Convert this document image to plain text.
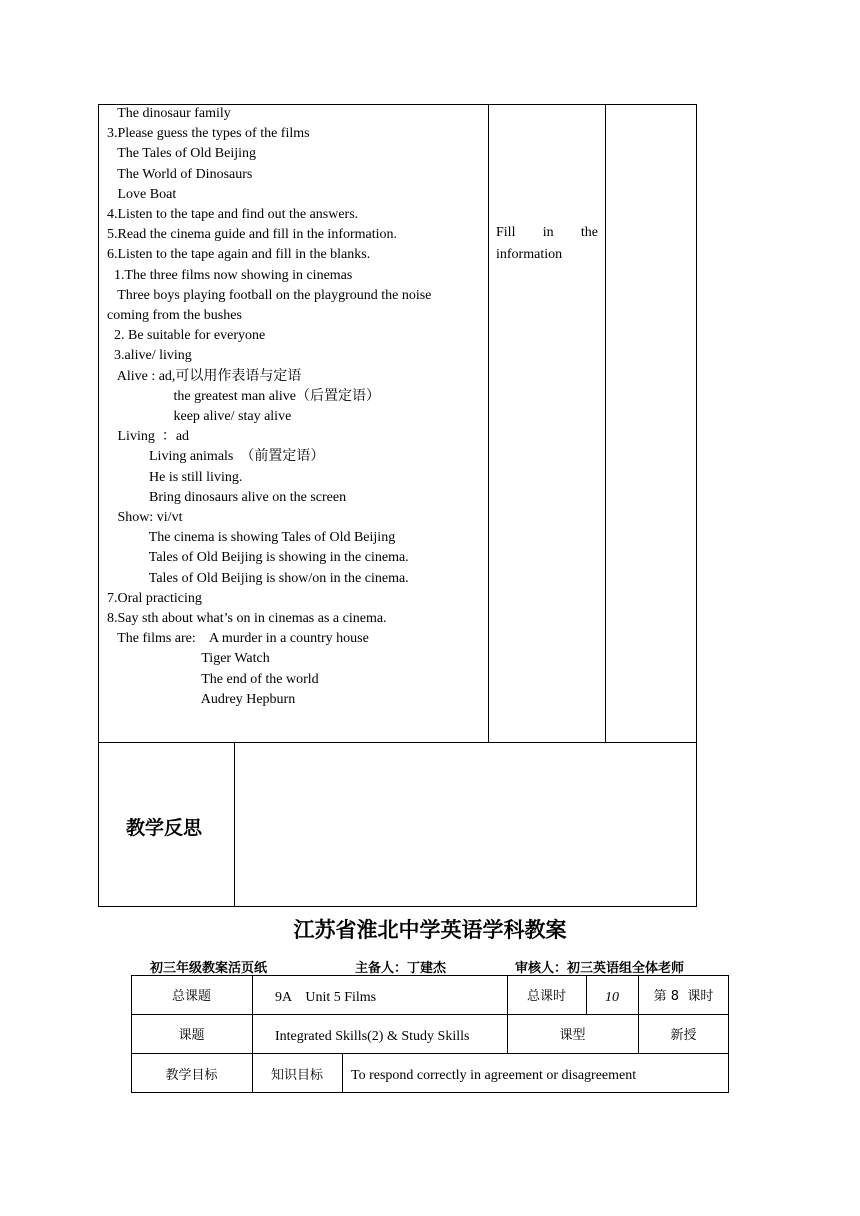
The dinosaur family
3.Please guess the types of the films
The Tales of Old Beijing
The World of Dinosaurs
Love Boat
4.Listen to the tape and find out the answers.
5.Read the cinema guide and fill in the information.
6.Listen to the tape again and fill in the blanks.
1.The three films now showing in cinemas
Three boys playing football on the playground the noise
coming from the bushes
2. Be suitable for everyone
3.alive/ living
Alive : ad,可以用作表语与定语
the greatest man alive（后置定语）
keep alive/ stay alive
Living  ：ad
Living animals  （前置定语）
He is still living.
Bring dinosaurs alive on the screen
Show: vi/vt
The cinema is showing Tales of Old Beijing
Tales of Old Beijing is showing in the cinema.
Tales of Old Beijing is show/on in the cinema.
7.Oral practicing
8.Say sth about what’s on in cinemas as a cinema.
The films are:    A murder in a country house
Tiger Watch
The end of the world
Audrey Hepburn
Fill in the
information
教学反思
江苏省淮北中学英语学科教案
初三年级教案活页纸	主备人：丁建杰	审核人：初三英语组全体老师
总课题	9A    Unit 5 Films	总课时	10	第 8  课时
课题	Integrated Skills(2) & Study Skills	课型	新授
教学目标	知识目标	To respond correctly in agreement or disagreement
